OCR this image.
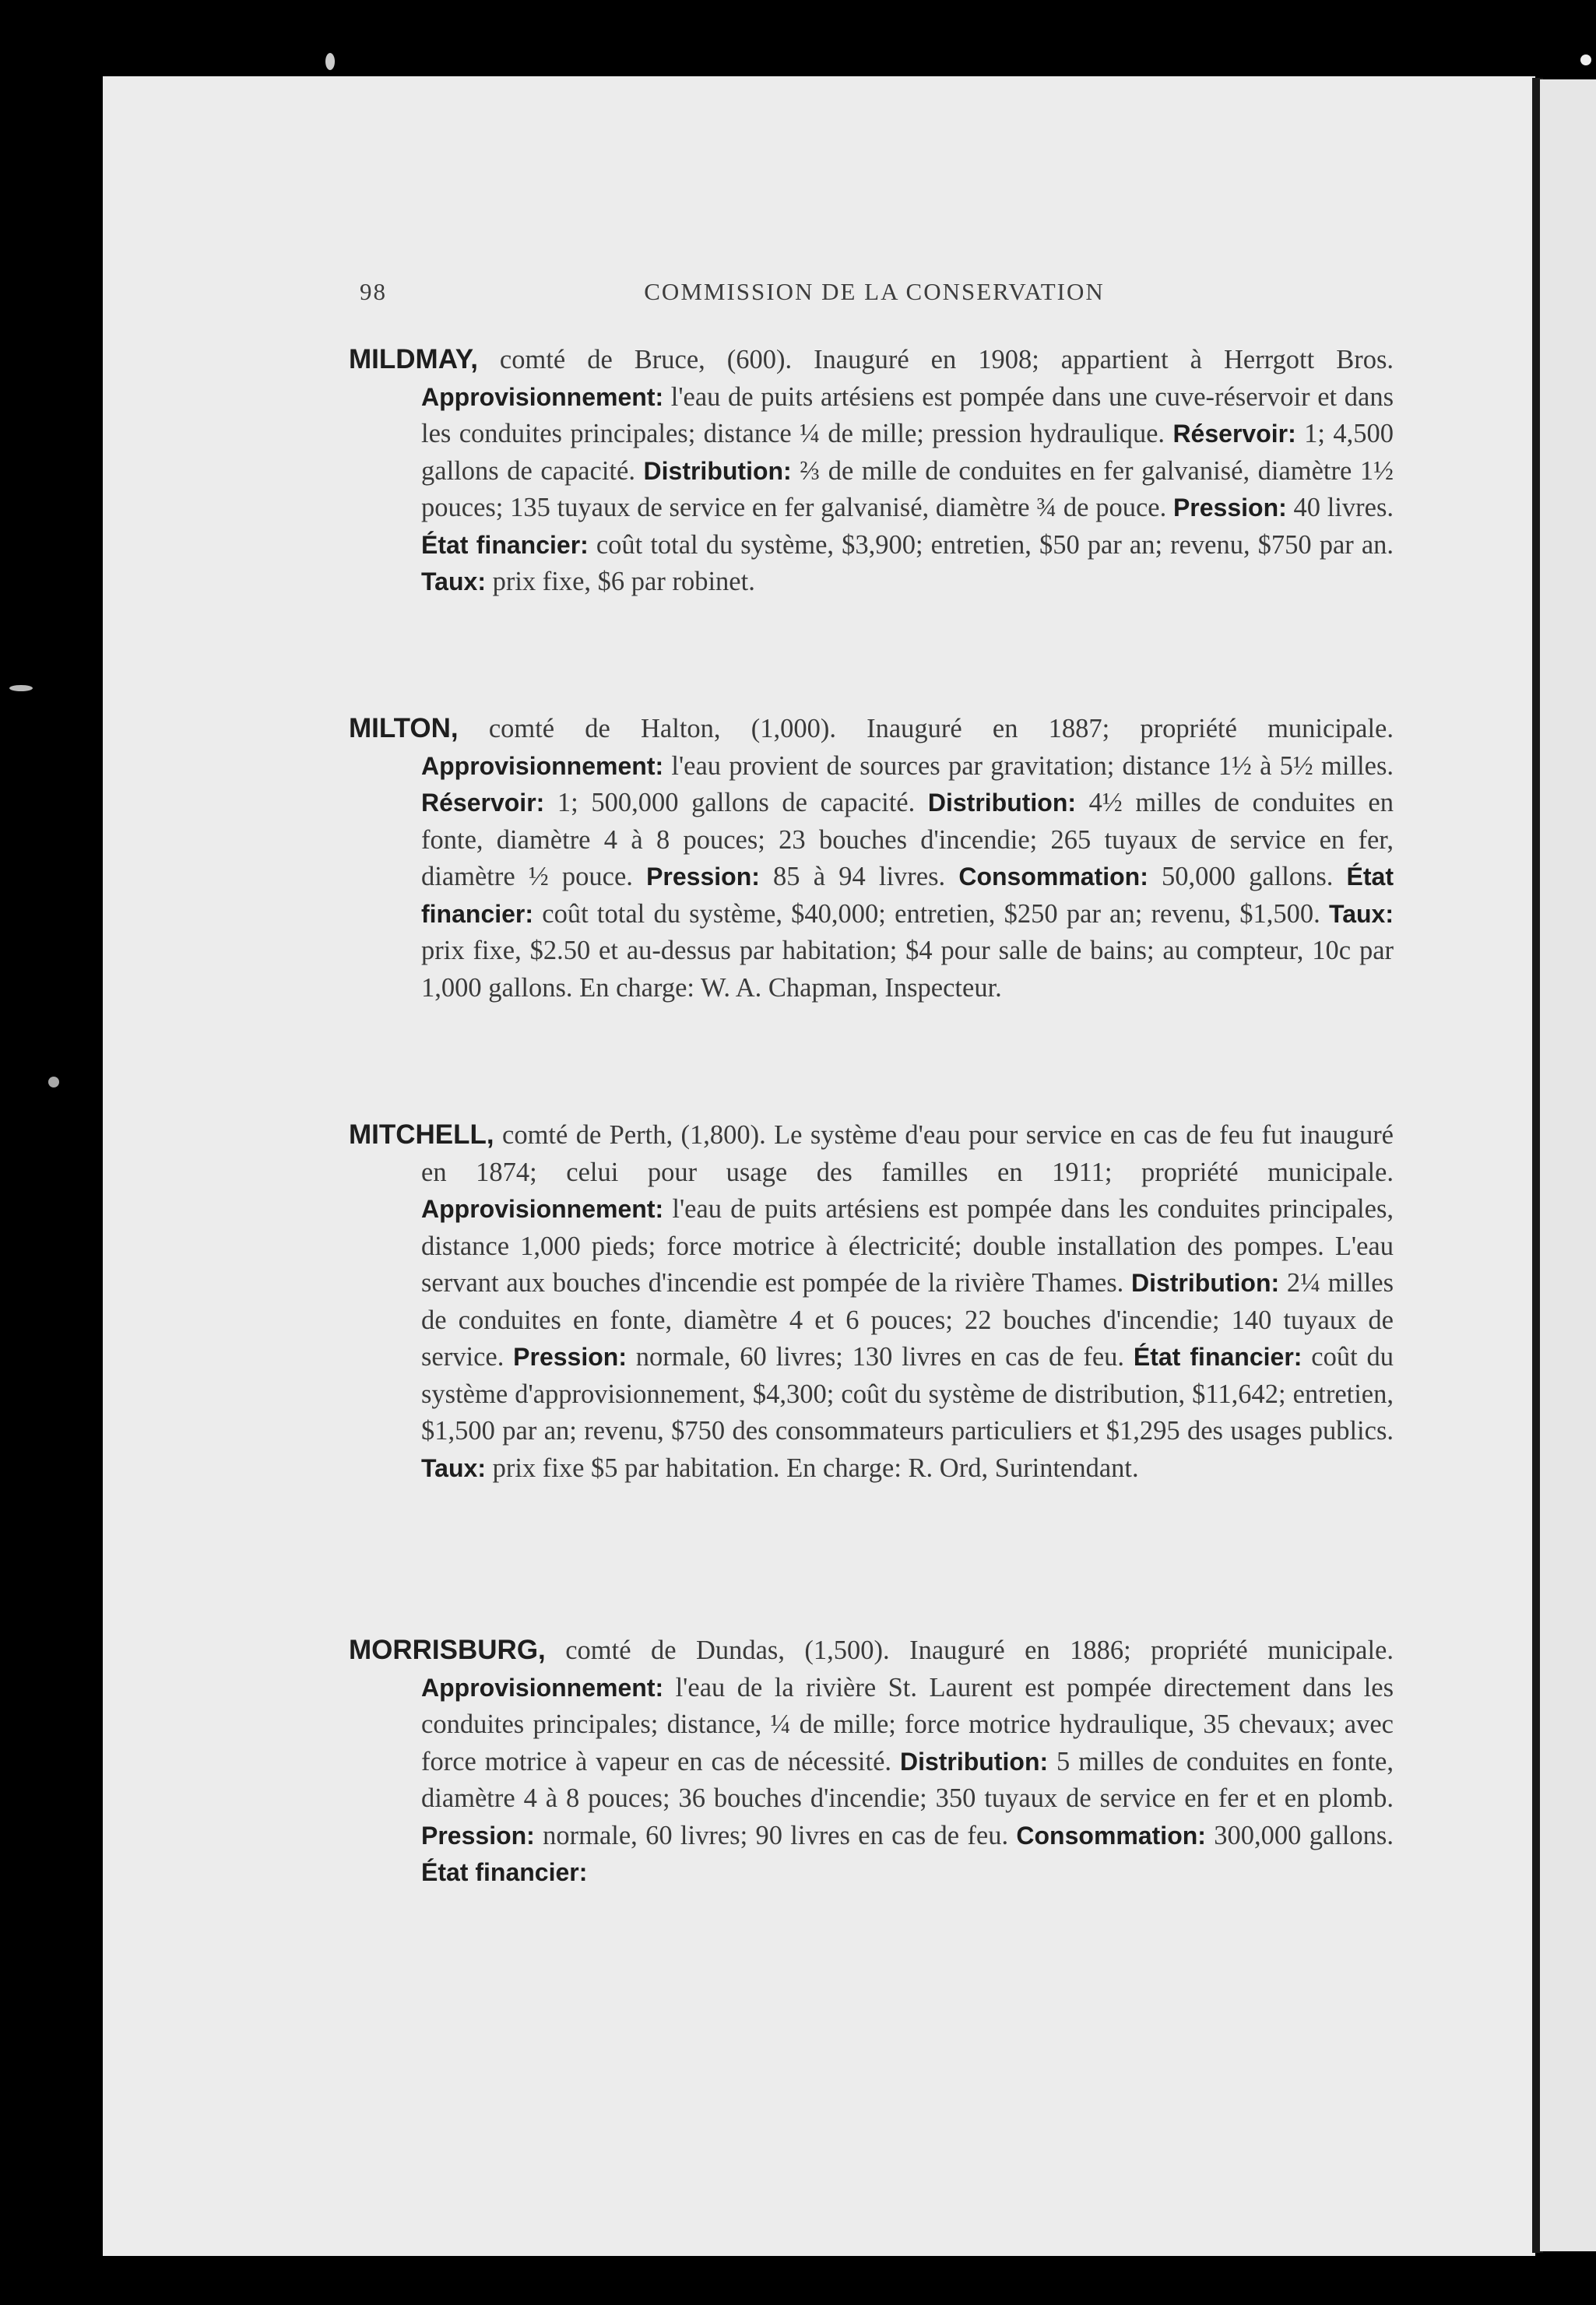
98	COMMISSION DE LA CONSERVATION

MILDMAY, comté de Bruce, (600). Inauguré en 1908; appartient à Herrgott Bros. Approvisionnement: l'eau de puits artésiens est pompée dans une cuve-réservoir et dans les conduites principales; distance ¼ de mille; pression hydraulique. Réservoir: 1; 4,500 gallons de capacité. Distribution: ⅔ de mille de conduites en fer galvanisé, diamètre 1½ pouces; 135 tuyaux de service en fer galvanisé, diamètre ¾ de pouce. Pression: 40 livres. État financier: coût total du système, $3,900; entretien, $50 par an; revenu, $750 par an. Taux: prix fixe, $6 par robinet.

MILTON, comté de Halton, (1,000). Inauguré en 1887; propriété municipale. Approvisionnement: l'eau provient de sources par gravitation; distance 1½ à 5½ milles. Réservoir: 1; 500,000 gallons de capacité. Distribution: 4½ milles de conduites en fonte, diamètre 4 à 8 pouces; 23 bouches d'incendie; 265 tuyaux de service en fer, diamètre ½ pouce. Pression: 85 à 94 livres. Consommation: 50,000 gallons. État financier: coût total du système, $40,000; entretien, $250 par an; revenu, $1,500. Taux: prix fixe, $2.50 et au-dessus par habitation; $4 pour salle de bains; au compteur, 10c par 1,000 gallons. En charge: W. A. Chapman, Inspecteur.

MITCHELL, comté de Perth, (1,800). Le système d'eau pour service en cas de feu fut inauguré en 1874; celui pour usage des familles en 1911; propriété municipale. Approvisionnement: l'eau de puits artésiens est pompée dans les conduites principales, distance 1,000 pieds; force motrice à électricité; double installation des pompes. L'eau servant aux bouches d'incendie est pompée de la rivière Thames. Distribution: 2¼ milles de conduites en fonte, diamètre 4 et 6 pouces; 22 bouches d'incendie; 140 tuyaux de service. Pression: normale, 60 livres; 130 livres en cas de feu. État financier: coût du système d'approvisionnement, $4,300; coût du système de distribution, $11,642; entretien, $1,500 par an; revenu, $750 des consommateurs particuliers et $1,295 des usages publics. Taux: prix fixe $5 par habitation. En charge: R. Ord, Surintendant.

MORRISBURG, comté de Dundas, (1,500). Inauguré en 1886; propriété municipale. Approvisionnement: l'eau de la rivière St. Laurent est pompée directement dans les conduites principales; distance, ¼ de mille; force motrice hydraulique, 35 chevaux; avec force motrice à vapeur en cas de nécessité. Distribution: 5 milles de conduites en fonte, diamètre 4 à 8 pouces; 36 bouches d'incendie; 350 tuyaux de service en fer et en plomb. Pression: normale, 60 livres; 90 livres en cas de feu. Consommation: 300,000 gallons. État financier:
